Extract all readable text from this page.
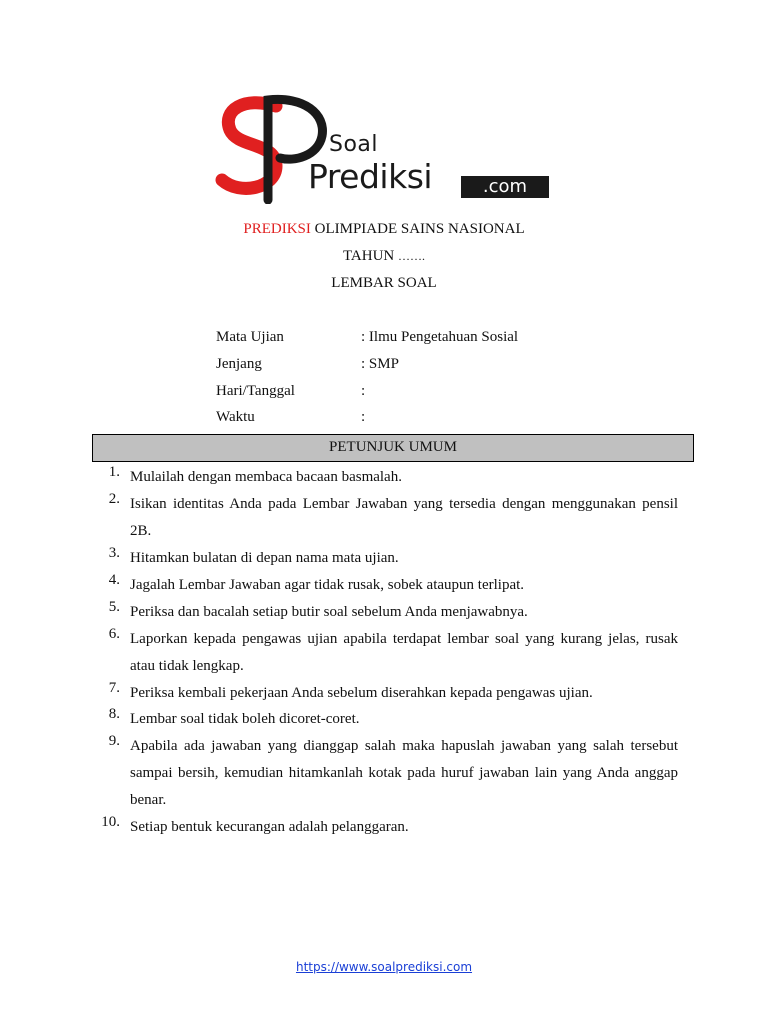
Soal
Prediksi	.com
PREDIKSI OLIMPIADE SAINS NASIONAL
TAHUN …….
LEMBAR SOAL
Mata Ujian	: Ilmu Pengetahuan Sosial
Jenjang	: SMP
Hari/Tanggal	:
Waktu	:
PETUNJUK UMUM
1. Mulailah dengan membaca bacaan basmalah.
2. Isikan identitas Anda pada Lembar Jawaban yang tersedia dengan menggunakan pensil
2B.
3. Hitamkan bulatan di depan nama mata ujian.
4. Jagalah Lembar Jawaban agar tidak rusak, sobek ataupun terlipat.
5. Periksa dan bacalah setiap butir soal sebelum Anda menjawabnya.
6. Laporkan kepada pengawas ujian apabila terdapat lembar soal yang kurang jelas, rusak
atau tidak lengkap.
7. Periksa kembali pekerjaan Anda sebelum diserahkan kepada pengawas ujian.
8. Lembar soal tidak boleh dicoret-coret.
9. Apabila ada jawaban yang dianggap salah maka hapuslah jawaban yang salah tersebut
sampai bersih, kemudian hitamkanlah kotak pada huruf jawaban lain yang Anda anggap
benar.
10. Setiap bentuk kecurangan adalah pelanggaran.
https://www.soalprediksi.com
